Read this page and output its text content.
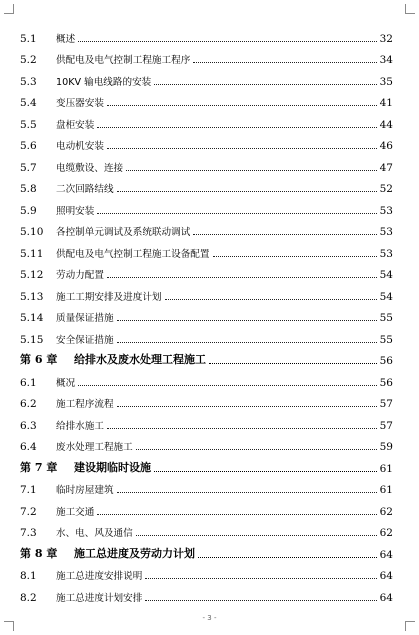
5.1	概述	32
5.2	供配电及电气控制工程施工程序	34
5.3	10KV 输电线路的安装	35
5.4	变压器安装	41
5.5	盘柜安装	44
5.6	电动机安装	46
5.7	电缆敷设、连接	47
5.8	二次回路结线	52
5.9	照明安装	53
5.10	各控制单元调试及系统联动调试	53
5.11	供配电及电气控制工程施工设备配置	53
5.12	劳动力配置	54
5.13	施工工期安排及进度计划	54
5.14	质量保证措施	55
5.15	安全保证措施	55
第 6 章	给排水及废水处理工程施工	56
6.1	概况	56
6.2	施工程序流程	57
6.3	给排水施工	57
6.4	废水处理工程施工	59
第 7 章	建设期临时设施	61
7.1	临时房屋建筑	61
7.2	施工交通	62
7.3	水、电、风及通信	62
第 8 章	施工总进度及劳动力计划	64
8.1	施工总进度安排说明	64
8.2	施工总进度计划安排	64
- 3 -
